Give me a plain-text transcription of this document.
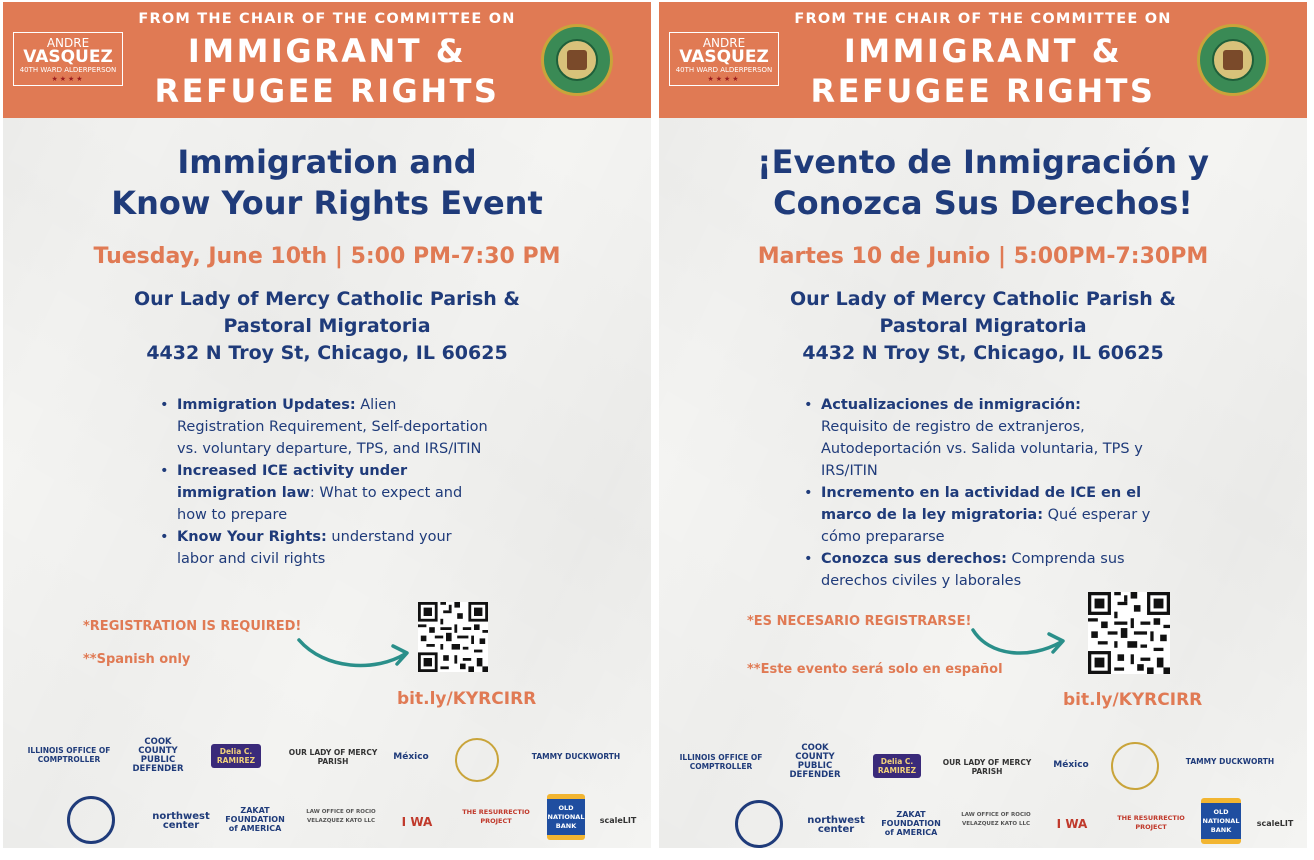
ANDRE
VASQUEZ
40TH WARD ALDERPERSON
★★★★
FROM THE CHAIR OF THE COMMITTEE ON
IMMIGRANT &
REFUGEE RIGHTS
Immigration and
Know Your Rights Event
Tuesday, June 10th | 5:00 PM-7:30 PM
Our Lady of Mercy Catholic Parish &
Pastoral Migratoria
4432 N Troy St, Chicago, IL 60625
• Immigration Updates: Alien Registration Requirement, Self-deportation vs. voluntary departure, TPS, and IRS/ITIN
• Increased ICE activity under immigration law: What to expect and how to prepare
• Know Your Rights: understand your labor and civil rights
*REGISTRATION IS REQUIRED!
**Spanish only
bit.ly/KYRCIRR
ILLINOIS OFFICE OF COMPTROLLER
COOK COUNTY PUBLIC DEFENDER
Delia C. RAMIREZ
OUR LADY OF MERCY PARISH	México	TAMMY DUCKWORTH
northwest center
ZAKAT FOUNDATION of AMERICA
LAW OFFICE OF ROCIO VELAZQUEZ KATO LLC	I WA
THE RESURRECTIO PROJECT
OLD NATIONAL BANK
scaleLIT
ANDRE
VASQUEZ
40TH WARD ALDERPERSON
★★★★
FROM THE CHAIR OF THE COMMITTEE ON
IMMIGRANT &
REFUGEE RIGHTS
¡Evento de Inmigración y
Conozca Sus Derechos!
Martes 10 de Junio | 5:00PM-7:30PM
Our Lady of Mercy Catholic Parish &
Pastoral Migratoria
4432 N Troy St, Chicago, IL 60625
• Actualizaciones de inmigración: Requisito de registro de extranjeros, Autodeportación vs. Salida voluntaria, TPS y IRS/ITIN
• Incremento en la actividad de ICE en el marco de la ley migratoria: Qué esperar y cómo prepararse
• Conozca sus derechos: Comprenda sus derechos civiles y laborales
*ES NECESARIO REGISTRARSE!
**Este evento será solo en español
bit.ly/KYRCIRR
ILLINOIS OFFICE OF COMPTROLLER
COOK COUNTY PUBLIC DEFENDER
Delia C. RAMIREZ
OUR LADY OF MERCY PARISH
México	TAMMY DUCKWORTH
northwest center
ZAKAT FOUNDATION of AMERICA
LAW OFFICE OF ROCIO VELAZQUEZ KATO LLC	I WA	THE RESURRECTIO PROJECT
OLD NATIONAL BANK
scaleLIT
